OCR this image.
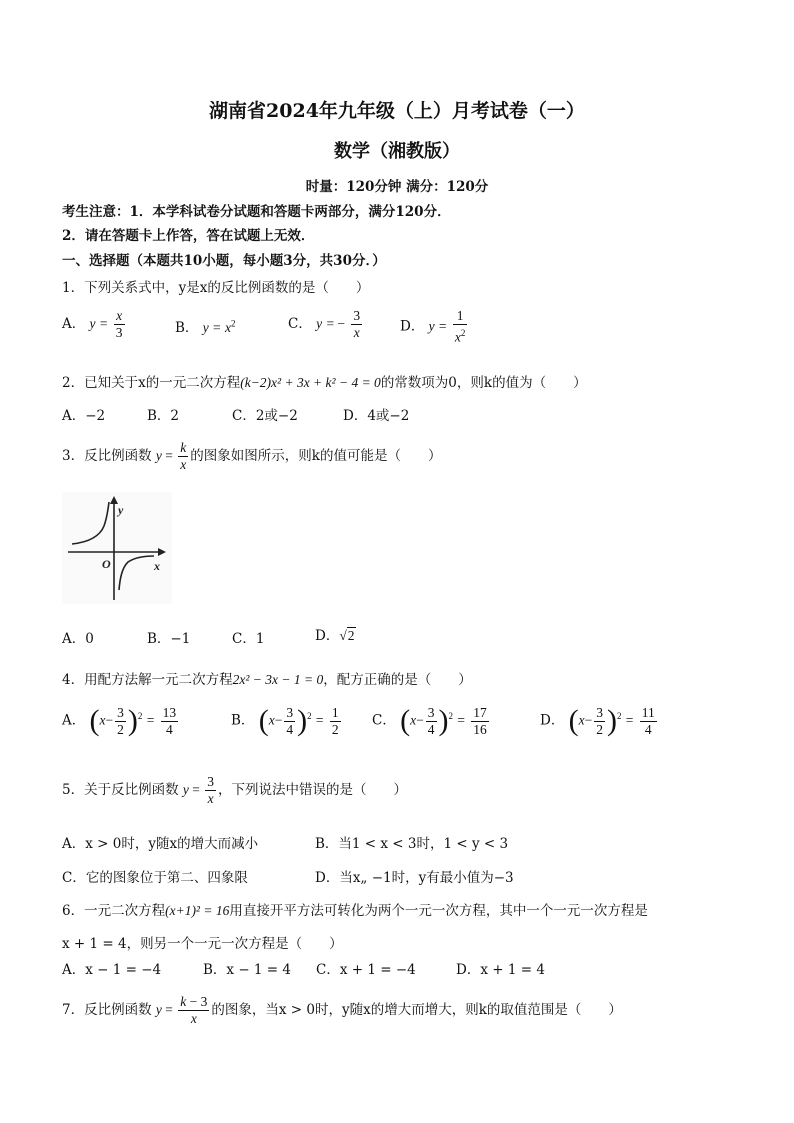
湖南省2024年九年级（上）月考试卷（一）
数学（湘教版）
时量：120分钟 满分：120分
考生注意：1．本学科试卷分试题和答题卡两部分，满分120分．
2．请在答题卡上作答，答在试题上无效．
一、选择题（本题共10小题，每小题3分，共30分．）
1．下列关系式中，y是x的反比例函数的是（　　）
A． $y = \frac{x}{3}$	B． $y = x^2$	C． y = − $\frac{3}{x}$	D． $y = \frac{1}{x^2}$
2．已知关于x的一元二次方程(k−2)x² + 3x + k² − 4 = 0的常数项为0，则k的值为（　　）
A．−2	B．2	C．2或−2	D．4或−2
3．反比例函数 $y = \frac{k}{x}$ 的图象如图所示，则k的值可能是（　　）
y
x
O
A．0	B．−1	C．1	D．√2
4．用配方法解一元二次方程2x² − 3x − 1 = 0，配方正确的是（　　）
A． $(x- \frac{3}{2} )^2 = \frac{13}{4}$	B． $(x- \frac{3}{4} )^2 = \frac{1}{2}$ C． $(x- \frac{3}{4} )^2 = \frac{17}{16}$	D． $(x- \frac{3}{2} )^2 = \frac{11}{4}$
5．关于反比例函数 $y = \frac{3}{x}$ ，下列说法中错误的是（　　）
A．x > 0时，y随x的增大而减小	B．当1 < x < 3时，1 < y < 3
C．它的图象位于第二、四象限	D．当x„ −1时，y有最小值为−3
6．一元二次方程(x+1)² = 16用直接开平方法可转化为两个一元一次方程，其中一个一元一次方程是
x + 1 = 4，则另一个一元一次方程是（　　）
A．x − 1 = −4	B．x − 1 = 4 C．x + 1 = −4	D．x + 1 = 4
7．反比例函数 $y = \frac{k - 3}{x}$ 的图象，当x > 0时，y随x的增大而增大，则k的取值范围是（　　）
